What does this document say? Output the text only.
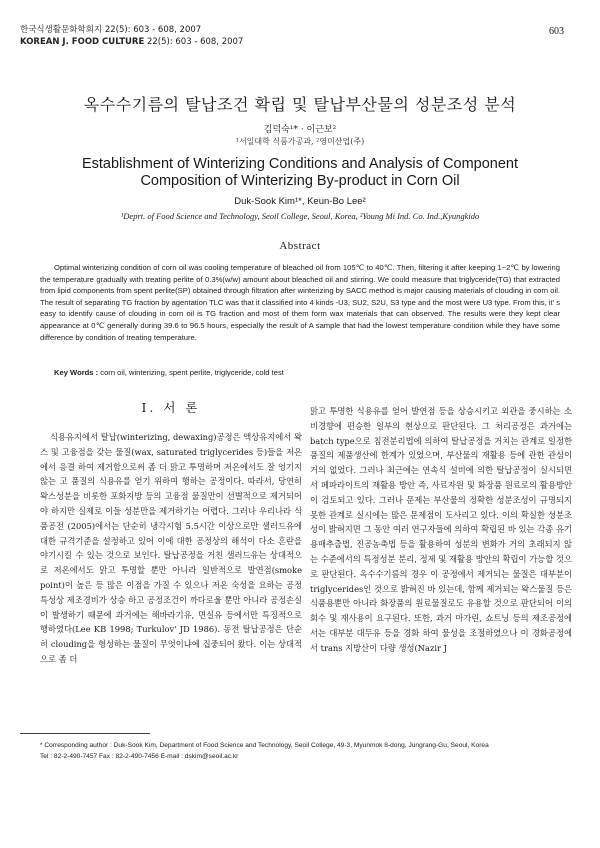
한국식생활문화학회지 22(5): 603 - 608, 2007
KOREAN J. FOOD CULTURE 22(5): 603 - 608, 2007
603
옥수수기름의 탈납조건 확립 및 탈납부산물의 성분조성 분석
김덕숙¹* · 이근보²
¹서일대학 식품가공과, ²영미산업(주)
Establishment of Winterizing Conditions and Analysis of Component Composition of Winterizing By-product in Corn Oil
Duk-Sook Kim¹*, Keun-Bo Lee²
¹Deprt. of Food Science and Technology, Seoil College, Seoul, Korea, ²Young Mi Ind. Co. Ind.,Kyungkido
Abstract
Optimal winterizing condition of corn oil was cooling temperature of bleached oil from 105℃ to 40℃. Then, filtering it after keeping 1~2℃ by lowering the temperature gradually with treating perlite of 0.3%(w/w) amount about bleached oil and stirring. We could measure that triglyceride(TG) that extracted from lipid components from spent perlite(SP) obtained through filtration after winterizing by SACC method is major causing materials of clouding in corn oil. The result of separating TG fraction by agentation TLC was that it classified into 4 kinds -U3, SU2, S2U, S3 type and the most were U3 type. From this, it' s easy to identify cause of clouding in corn oil is TG fraction and most of them form wax materials that can observed. The results were they kept clear appearance at 0℃ generally during 39.6 to 96.5 hours, especially the result of A sample that had the lowest temperature condition while they have some difference by condition of treating temperature.
Key Words : corn oil, winterizing, spent perlite, triglyceride, cold test
Ⅰ. 서 론

식용유지에서 탈납(winterizing, dewaxing)공정은 액상유지에서 왁스 및 고융점을 갖는 물질(wax, saturated triglycerides 등)들을 저온에서 응결 하여 제거함으로써 좀 더 맑고 투명하며 저온에서도 잘 엉기지 않는 고 품질의 식용유를 얻기 위하여 행하는 공정이다. 따라서, 당연히 왁스성분을 비롯한 포화지방 등의 고융점 물질만이 선별적으로 제거되어야 하지만 실제로 이들 성분만을 제거하기는 어렵다. 그러나 우리나라 식품공전 (2005)에서는 단순히 냉각시험 5.5시간 이상으로만 샐러드유에 대한 규격기준을 설정하고 있어 이에 대한 공정상의 해석이 다소 혼란을 야기시킬 수 있는 것으로 보인다. 탈납공정을 거친 샐러드유는 상대적으로 저온에서도 맑고 투명할 뿐만 아니라 일반적으로 발연점(smoke point)이 높은 등 많은 이점을 가질 수 있으나 저온 숙성을 요하는 공정특성상 제조경비가 상승 하고 공정조건이 까다로울 뿐만 아니라 공정손실이 발생하기 때문에 과거에는 해바라기유, 면실유 등에서만 특징적으로 행하였다(Lee KB 1998; Turkulov' JD 1986). 동전 탈납공정은 단순히 clouding을 형성하는 물질이 무엇이냐에 집중되어 왔다. 이는 상대적으로 좀 더

맑고 투명한 식용유를 얻어 발연점 등을 상승시키고 외관을 중시하는 소비경향에 편승한 일부의 현상으로 판단된다. 그 처리공정은 과거에는 batch type으로 침전분리법에 의하여 탈납공정을 거치는 관계로 일정한 품질의 제품생산에 한계가 있었으며, 부산물의 재활용 등에 관한 관심이 거의 없었다. 그러나 최근에는 연속식 설비에 의한 탈납공정이 실시되면서 페파라이트의 재활용 방안 즉, 사료자원 및 화장품 원료로의 활용방안이 검토되고 있다. 그러나 문제는 부산물의 정확한 성분조성이 규명되지 못한 관계로 실시에는 많은 문제점이 도사리고 있다. 이의 확실한 성분조성이 밝혀지면 그 동안 여러 연구자들에 의하여 확립된 바 있는 각종 유기 용매추출법, 진공농축법 등을 활용하여 성분의 변화가 거의 초래되지 않는 수준에서의 특정성분 분리, 정제 및 재활용 방안의 확립이 가능할 것으로 판단된다. 옥수수기름의 경우 이 공정에서 제거되는 물질은 대부분이 triglycerides인 것으로 밝혀진 바 있는데, 함께 제거되는 왁스물질 등은 식품용뿐만 아니라 화장품의 원료물질로도 유용할 것으로 판단되어 이의 회수 및 재사용이 요구된다. 또한, 과거 마가린, 쇼트닝 등의 제조공정에서는 대부분 대두유 등을 경화 하여 물성을 조절하였으나 이 경화공정에서 trans 지방산이 다량 생성(Nazir J

* Corresponding author : Duk-Sook Kim, Department of Food Science and Technology, Seoil College, 49-3, Myunmok 8-dong, Jungrang-Gu, Seoul, Korea
Tel : 82-2-490-7457 Fax : 82-2-490-7456 E-mail : dskim@seoil.ac.kr
